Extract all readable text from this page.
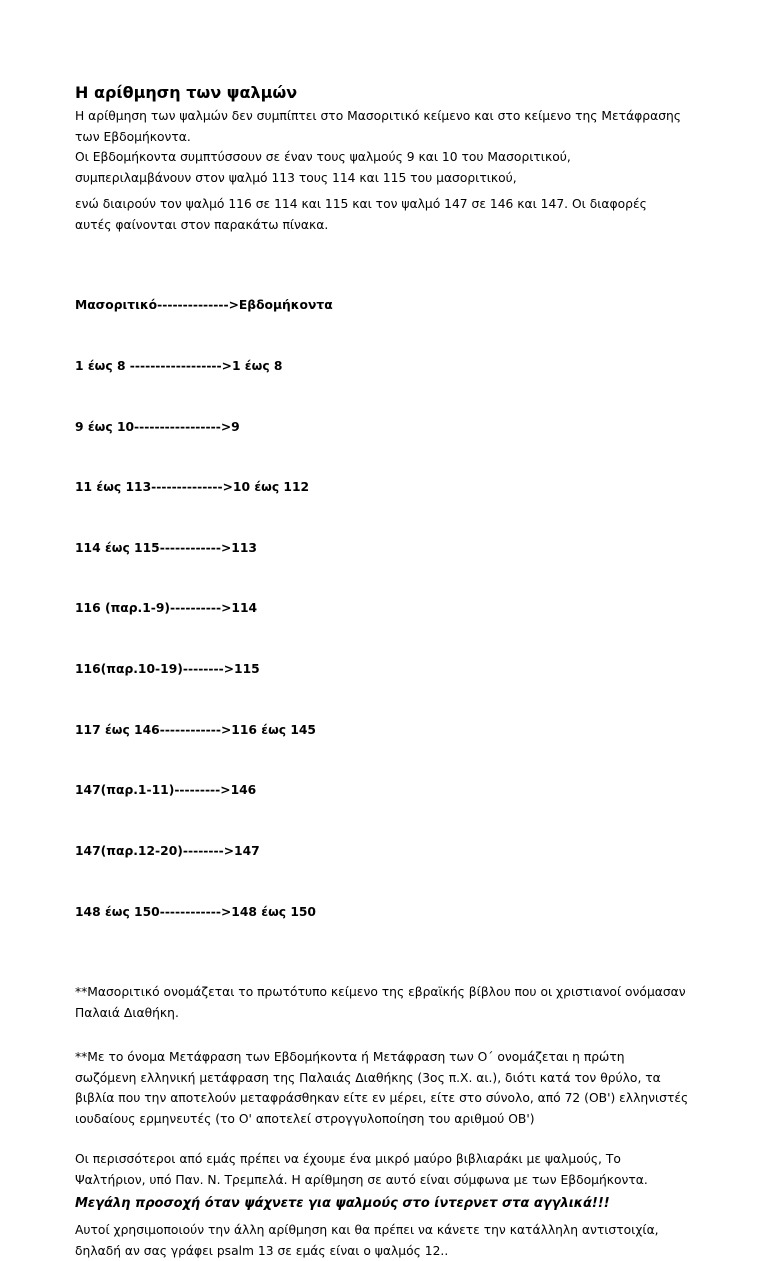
Η αρίθμηση των ψαλμών
Η αρίθμηση των ψαλμών δεν συμπίπτει στο Μασοριτικό κείμενο και στο κείμενο της Μετάφρασης
των Εβδομήκοντα.
Οι Εβδομήκοντα συμπτύσσουν σε έναν τους ψαλμούς 9 και 10 του Μασοριτικού,
συμπεριλαμβάνουν στον ψαλμό 113 τους 114 και 115 του μασοριτικού,
ενώ διαιρούν τον ψαλμό 116 σε 114 και 115 και τον ψαλμό 147 σε 146 και 147. Οι διαφορές
αυτές φαίνονται στον παρακάτω πίνακα.

Μασοριτικό-------------->Εβδομήκοντα

1 έως 8 ------------------>1 έως 8

9 έως 10----------------->9

11 έως 113-------------->10 έως 112

114 έως 115------------>113

116 (παρ.1-9)---------->114

116(παρ.10-19)-------->115

117 έως 146------------>116 έως 145

147(παρ.1-11)--------->146

147(παρ.12-20)-------->147

148 έως 150------------>148 έως 150

**Μασοριτικό ονομάζεται το πρωτότυπο κείμενο της εβραϊκής βίβλου που οι χριστιανοί ονόμασαν
Παλαιά Διαθήκη.
**Με το όνομα Μετάφραση των Εβδομήκοντα ή Μετάφραση των Ο΄ ονομάζεται η πρώτη
σωζόμενη ελληνική μετάφραση της Παλαιάς Διαθήκης (3ος π.Χ. αι.), διότι κατά τον θρύλο, τα
βιβλία που την αποτελούν μεταφράσθηκαν είτε εν μέρει, είτε στο σύνολο, από 72 (ΟΒ') ελληνιστές
ιουδαίους ερμηνευτές (το Ο' αποτελεί στρογγυλοποίηση του αριθμού ΟΒ')
Οι περισσότεροι από εμάς πρέπει να έχουμε ένα μικρό μαύρο βιβλιαράκι με ψαλμούς, Το
Ψαλτήριον, υπό Παν. Ν. Τρεμπελά. Η αρίθμηση σε αυτό είναι σύμφωνα με των Εβδομήκοντα.
Μεγάλη προσοχή όταν ψάχνετε για ψαλμούς στο ίντερνετ στα αγγλικά!!!
Αυτοί χρησιμοποιούν την άλλη αρίθμηση και θα πρέπει να κάνετε την κατάλληλη αντιστοιχία,
δηλαδή αν σας γράφει psalm 13 σε εμάς είναι ο ψαλμός 12..
